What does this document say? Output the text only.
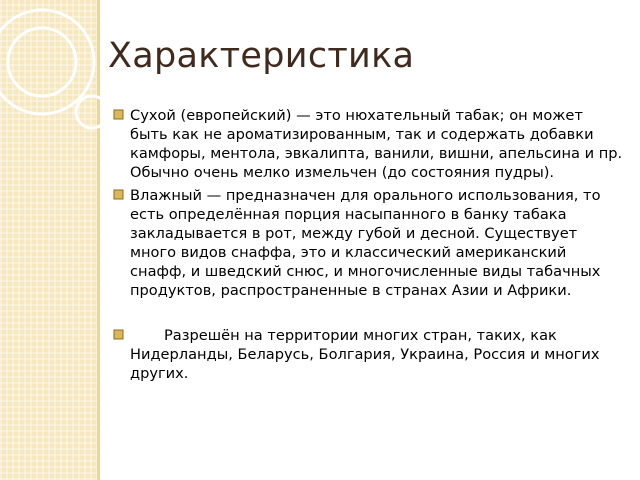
Характеристика
Сухой (европейский) — это нюхательный табак; он может быть как не ароматизированным, так и содержать добавки камфоры, ментола, эвкалипта, ванили, вишни, апельсина и пр. Обычно очень мелко измельчен (до состояния пудры).
Влажный — предназначен для орального использования, то есть определённая порция насыпанного в банку табака закладывается в рот, между губой и десной. Существует много видов снаффа, это и классический американский снафф, и шведский снюс, и многочисленные виды табачных продуктов, распространенные в странах Азии и Африки.
Разрешён на территории многих стран, таких, как Нидерланды, Беларусь, Болгария, Украина, Россия и многих других.
